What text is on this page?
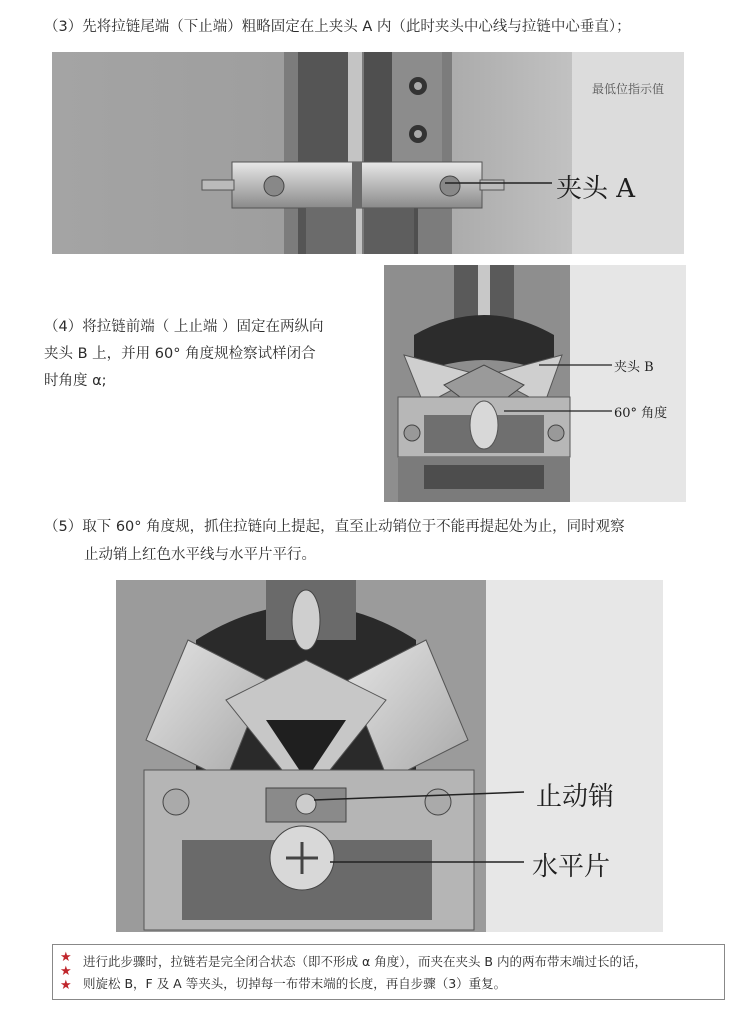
（3）先将拉链尾端（下止端）粗略固定在上夹头 A 内（此时夹头中心线与拉链中心垂直）；
夹头 A
最低位指示值
（4）将拉链前端（ 上止端 ）固定在两纵向
夹头 B 上，并用 60° 角度规检察试样闭合
时角度 α;
夹头 B
60° 角度
（5）取下 60° 角度规，抓住拉链向上提起，直至止动销位于不能再提起处为止，同时观察
止动销上红色水平线与水平片平行。
止动销
水平片
★
★
★
进行此步骤时，拉链若是完全闭合状态（即不形成 α 角度），而夹在夹头 B 内的两布带末端过长的话，
则旋松 B，F 及 A 等夹头，切掉每一布带末端的长度，再自步骤（3）重复。
